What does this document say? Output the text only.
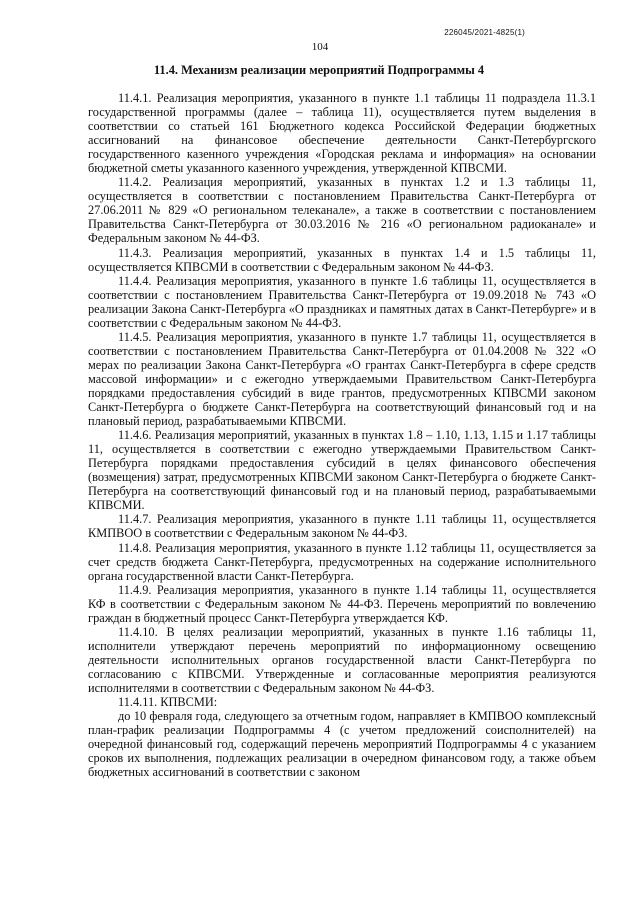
226045/2021-4825(1)
104
11.4. Механизм реализации мероприятий Подпрограммы 4

11.4.1. Реализация мероприятия, указанного в пункте 1.1 таблицы 11 подраздела 11.3.1 государственной программы (далее – таблица 11), осуществляется путем выделения в соответствии со статьей 161 Бюджетного кодекса Российской Федерации бюджетных ассигнований на финансовое обеспечение деятельности Санкт-Петербургского государственного казенного учреждения «Городская реклама и информация» на основании бюджетной сметы указанного казенного учреждения, утвержденной КПВСМИ.

11.4.2. Реализация мероприятий, указанных в пунктах 1.2 и 1.3 таблицы 11, осуществляется в соответствии с постановлением Правительства Санкт-Петербурга от 27.06.2011 № 829 «О региональном телеканале», а также в соответствии с постановлением Правительства Санкт-Петербурга от 30.03.2016 № 216 «О региональном радиоканале» и Федеральным законом № 44-ФЗ.

11.4.3. Реализация мероприятий, указанных в пунктах 1.4 и 1.5 таблицы 11, осуществляется КПВСМИ в соответствии с Федеральным законом № 44-ФЗ.

11.4.4. Реализация мероприятия, указанного в пункте 1.6 таблицы 11, осуществляется в соответствии с постановлением Правительства Санкт-Петербурга от 19.09.2018 № 743 «О реализации Закона Санкт-Петербурга «О праздниках и памятных датах в Санкт-Петербурге» и в соответствии с Федеральным законом № 44-ФЗ.

11.4.5. Реализация мероприятия, указанного в пункте 1.7 таблицы 11, осуществляется в соответствии с постановлением Правительства Санкт-Петербурга от 01.04.2008 № 322 «О мерах по реализации Закона Санкт-Петербурга «О грантах Санкт-Петербурга в сфере средств массовой информации» и с ежегодно утверждаемыми Правительством Санкт-Петербурга порядками предоставления субсидий в виде грантов, предусмотренных КПВСМИ законом Санкт-Петербурга о бюджете Санкт-Петербурга на соответствующий финансовый год и на плановый период, разрабатываемыми КПВСМИ.

11.4.6. Реализация мероприятий, указанных в пунктах 1.8 – 1.10, 1.13, 1.15 и 1.17 таблицы 11, осуществляется в соответствии с ежегодно утверждаемыми Правительством Санкт-Петербурга порядками предоставления субсидий в целях финансового обеспечения (возмещения) затрат, предусмотренных КПВСМИ законом Санкт-Петербурга о бюджете Санкт-Петербурга на соответствующий финансовый год и на плановый период, разрабатываемыми КПВСМИ.

11.4.7. Реализация мероприятия, указанного в пункте 1.11 таблицы 11, осуществляется КМПВОО в соответствии с Федеральным законом № 44-ФЗ.

11.4.8. Реализация мероприятия, указанного в пункте 1.12 таблицы 11, осуществляется за счет средств бюджета Санкт-Петербурга, предусмотренных на содержание исполнительного органа государственной власти Санкт-Петербурга.

11.4.9. Реализация мероприятия, указанного в пункте 1.14 таблицы 11, осуществляется КФ в соответствии с Федеральным законом № 44-ФЗ. Перечень мероприятий по вовлечению граждан в бюджетный процесс Санкт-Петербурга утверждается КФ.

11.4.10. В целях реализации мероприятий, указанных в пункте 1.16 таблицы 11, исполнители утверждают перечень мероприятий по информационному освещению деятельности исполнительных органов государственной власти Санкт-Петербурга по согласованию с КПВСМИ. Утвержденные и согласованные мероприятия реализуются исполнителями в соответствии с Федеральным законом № 44-ФЗ.

11.4.11. КПВСМИ:

до 10 февраля года, следующего за отчетным годом, направляет в КМПВОО комплексный план-график реализации Подпрограммы 4 (с учетом предложений соисполнителей) на очередной финансовый год, содержащий перечень мероприятий Подпрограммы 4 с указанием сроков их выполнения, подлежащих реализации в очередном финансовом году, а также объем бюджетных ассигнований в соответствии с законом
